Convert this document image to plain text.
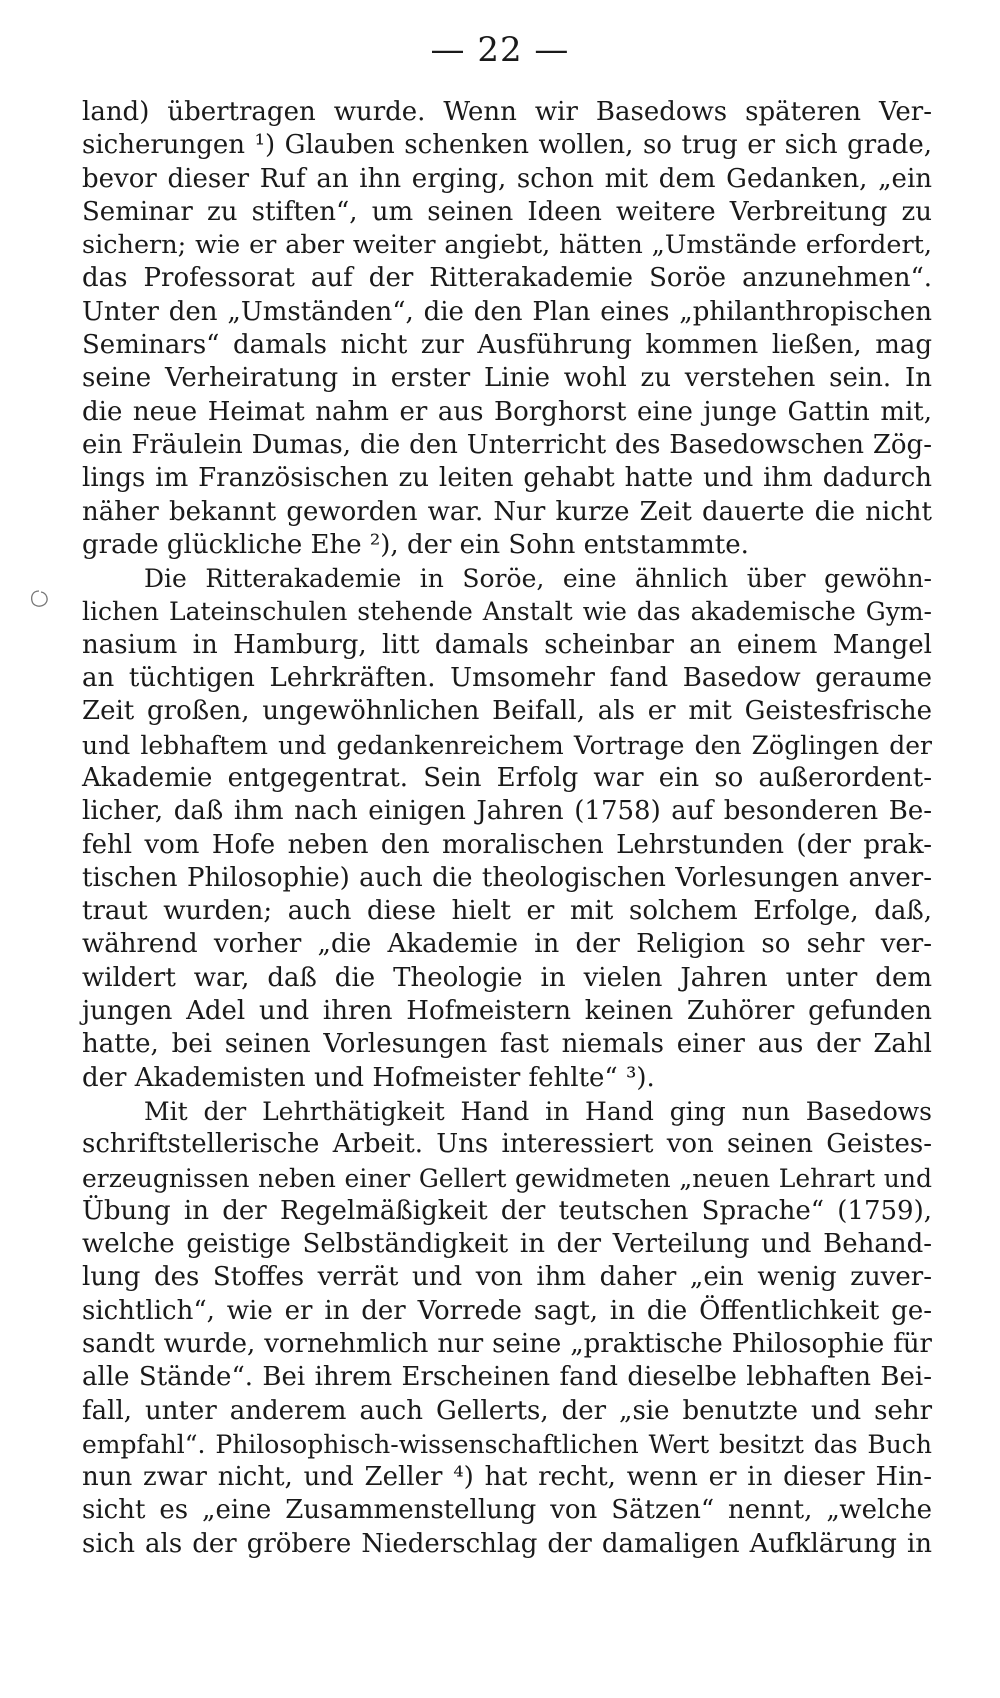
— 22 —
land) übertragen wurde. Wenn wir Basedows späteren Ver-
sicherungen ¹) Glauben schenken wollen, so trug er sich grade,
bevor dieser Ruf an ihn erging, schon mit dem Gedanken, „ein
Seminar zu stiften“, um seinen Ideen weitere Verbreitung zu
sichern; wie er aber weiter angiebt, hätten „Umstände erfordert,
das Professorat auf der Ritterakademie Soröe anzunehmen“.
Unter den „Umständen“, die den Plan eines „philanthropischen
Seminars“ damals nicht zur Ausführung kommen ließen, mag
seine Verheiratung in erster Linie wohl zu verstehen sein. In
die neue Heimat nahm er aus Borghorst eine junge Gattin mit,
ein Fräulein Dumas, die den Unterricht des Basedowschen Zög-
lings im Französischen zu leiten gehabt hatte und ihm dadurch
näher bekannt geworden war. Nur kurze Zeit dauerte die nicht
grade glückliche Ehe ²), der ein Sohn entstammte.
Die Ritterakademie in Soröe, eine ähnlich über gewöhn-
lichen Lateinschulen stehende Anstalt wie das akademische Gym-
nasium in Hamburg, litt damals scheinbar an einem Mangel
an tüchtigen Lehrkräften. Umsomehr fand Basedow geraume
Zeit großen, ungewöhnlichen Beifall, als er mit Geistesfrische
und lebhaftem und gedankenreichem Vortrage den Zöglingen der
Akademie entgegentrat. Sein Erfolg war ein so außerordent-
licher, daß ihm nach einigen Jahren (1758) auf besonderen Be-
fehl vom Hofe neben den moralischen Lehrstunden (der prak-
tischen Philosophie) auch die theologischen Vorlesungen anver-
traut wurden; auch diese hielt er mit solchem Erfolge, daß,
während vorher „die Akademie in der Religion so sehr ver-
wildert war, daß die Theologie in vielen Jahren unter dem
jungen Adel und ihren Hofmeistern keinen Zuhörer gefunden
hatte, bei seinen Vorlesungen fast niemals einer aus der Zahl
der Akademisten und Hofmeister fehlte“ ³).
Mit der Lehrthätigkeit Hand in Hand ging nun Basedows
schriftstellerische Arbeit. Uns interessiert von seinen Geistes-
erzeugnissen neben einer Gellert gewidmeten „neuen Lehrart und
Übung in der Regelmäßigkeit der teutschen Sprache“ (1759),
welche geistige Selbständigkeit in der Verteilung und Behand-
lung des Stoffes verrät und von ihm daher „ein wenig zuver-
sichtlich“, wie er in der Vorrede sagt, in die Öffentlichkeit ge-
sandt wurde, vornehmlich nur seine „praktische Philosophie für
alle Stände“. Bei ihrem Erscheinen fand dieselbe lebhaften Bei-
fall, unter anderem auch Gellerts, der „sie benutzte und sehr
empfahl“. Philosophisch-wissenschaftlichen Wert besitzt das Buch
nun zwar nicht, und Zeller ⁴) hat recht, wenn er in dieser Hin-
sicht es „eine Zusammenstellung von Sätzen“ nennt, „welche
sich als der gröbere Niederschlag der damaligen Aufklärung in
